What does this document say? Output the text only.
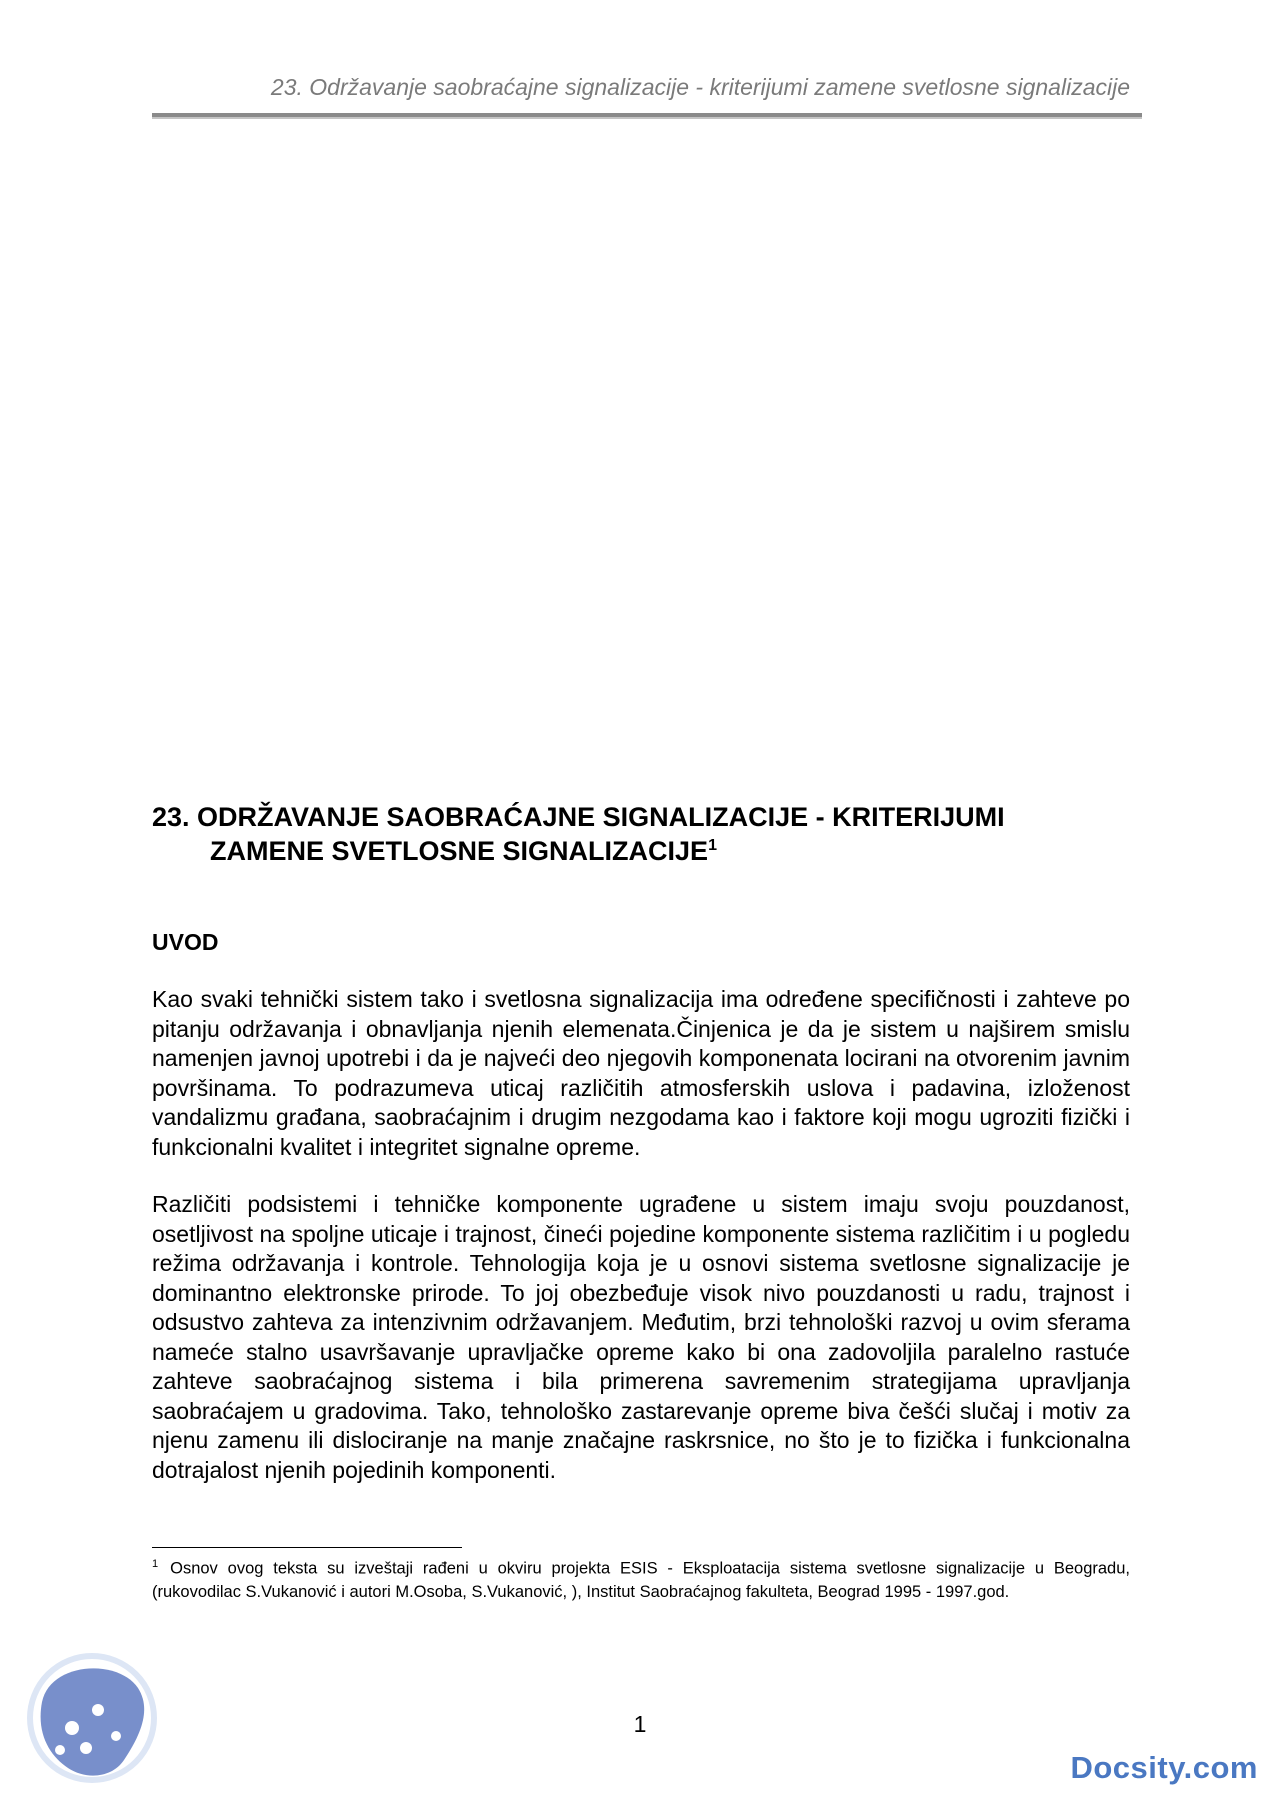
23. Održavanje saobraćajne signalizacije - kriterijumi zamene svetlosne signalizacije
23. ODRŽAVANJE SAOBRAĆAJNE SIGNALIZACIJE - KRITERIJUMI
ZAMENE SVETLOSNE SIGNALIZACIJE$^1$
UVOD

Kao svaki tehnički sistem tako i svetlosna signalizacija ima određene specifičnosti i zahteve po pitanju održavanja i obnavljanja njenih elemenata.Činjenica je da je sistem u najširem smislu namenjen javnoj upotrebi i da je najveći deo njegovih komponenata locirani na otvorenim javnim površinama. To podrazumeva uticaj različitih atmosferskih uslova i padavina, izloženost vandalizmu građana, saobraćajnim i drugim nezgodama kao i faktore koji mogu ugroziti fizički i funkcionalni kvalitet i integritet signalne opreme.

Različiti podsistemi i tehničke komponente ugrađene u sistem imaju svoju pouzdanost, osetljivost na spoljne uticaje i trajnost, čineći pojedine komponente sistema različitim i u pogledu režima održavanja i kontrole. Tehnologija koja je u osnovi sistema svetlosne signalizacije je dominantno elektronske prirode. To joj obezbeđuje visok nivo pouzdanosti u radu, trajnost i odsustvo zahteva za intenzivnim održavanjem. Međutim, brzi tehnološki razvoj u ovim sferama nameće stalno usavršavanje upravljačke opreme kako bi ona zadovoljila paralelno rastuće zahteve saobraćajnog sistema i bila primerena savremenim strategijama upravljanja saobraćajem u gradovima. Tako, tehnološko zastarevanje opreme biva češći slučaj i motiv za njenu zamenu ili dislociranje na manje značajne raskrsnice, no što je to fizička i funkcionalna dotrajalost njenih pojedinih komponenti.

$^1$ Osnov ovog teksta su izveštaji rađeni u okviru projekta ESIS - Eksploatacija sistema svetlosne signalizacije u Beogradu, (rukovodilac S.Vukanović i autori M.Osoba, S.Vukanović, ), Institut Saobraćajnog fakulteta, Beograd 1995 - 1997.god.

1
Docsity.com
